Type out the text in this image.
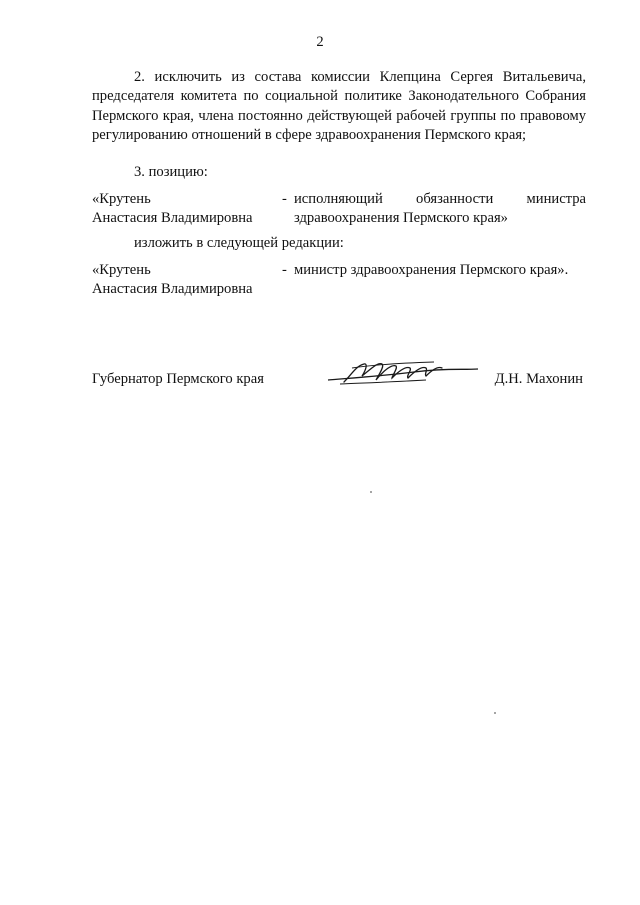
2
2. исключить из состава комиссии Клепцина Сергея Витальевича, председателя комитета по социальной политике Законодательного Собрания Пермского края, члена постоянно действующей рабочей группы по правовому регулированию отношений в сфере здравоохранения Пермского края;
3. позицию:
«Крутень
Анастасия Владимировна
- исполняющий обязанности министра
здравоохранения Пермского края»
изложить в следующей редакции:
«Крутень
Анастасия Владимировна
- министр здравоохранения Пермского края».
Губернатор Пермского края	Д.Н. Махонин
